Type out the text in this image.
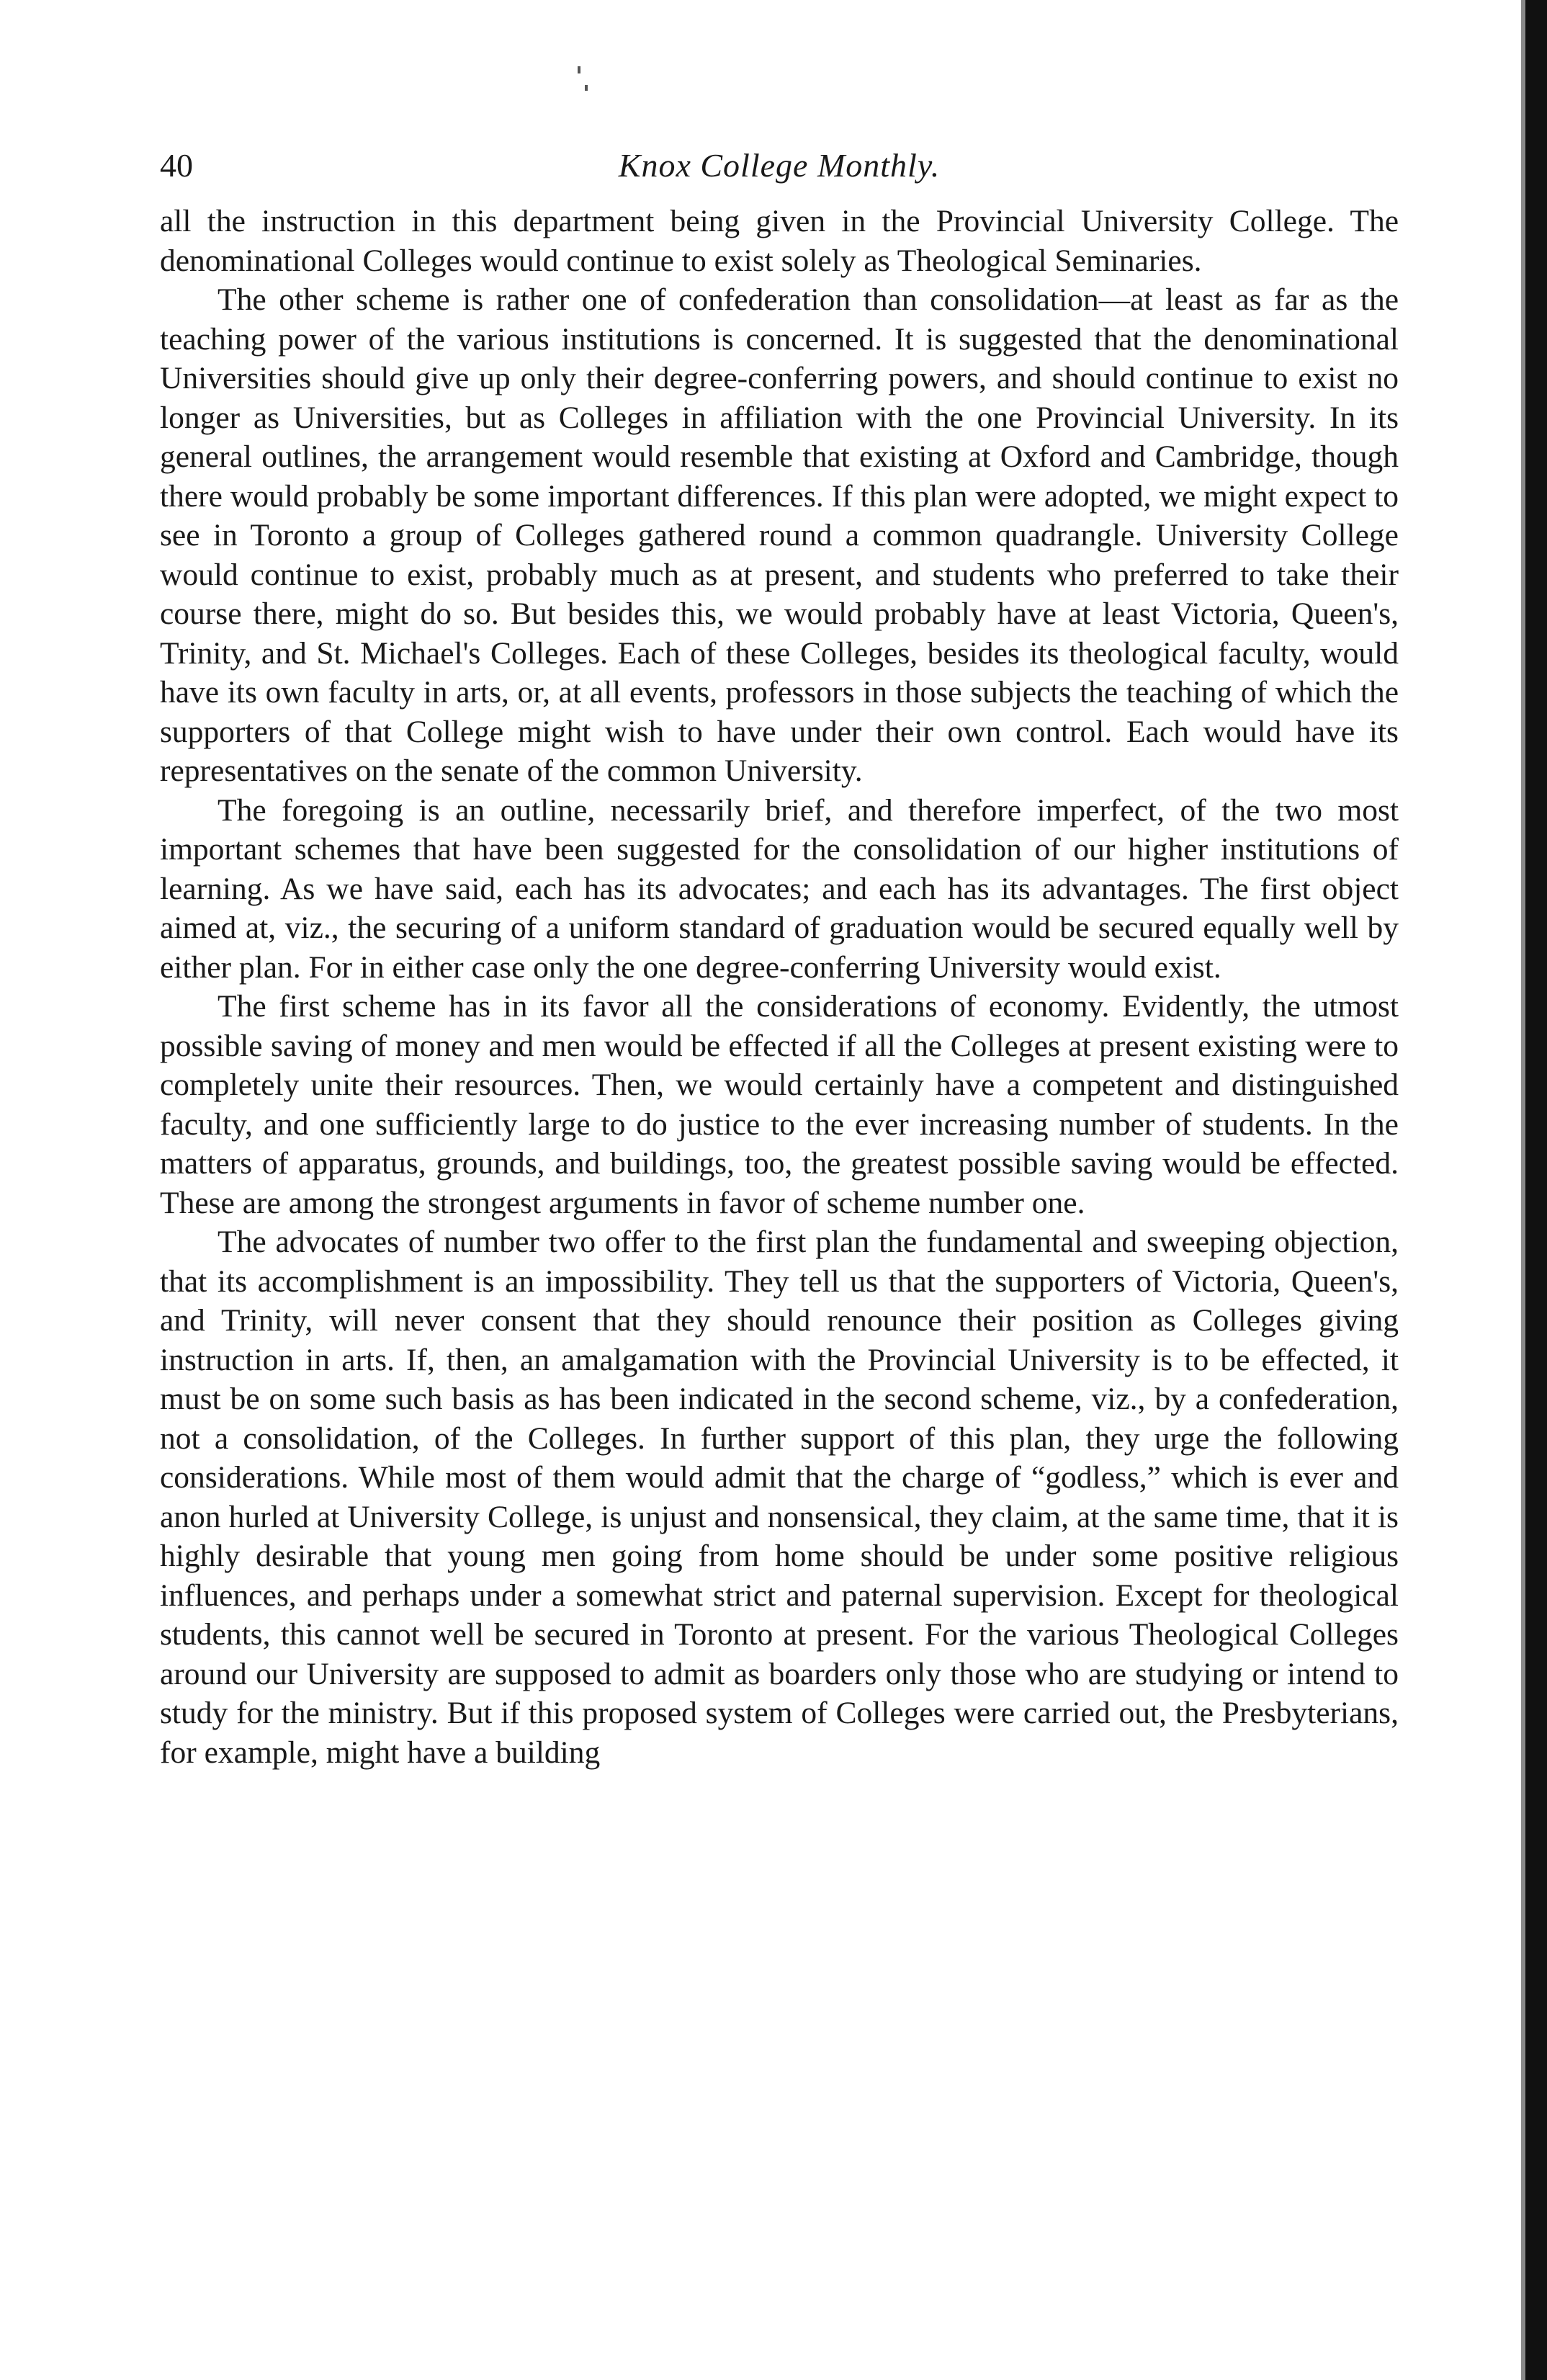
40	Knox College Monthly.

all the instruction in this department being given in the Provincial University College. The denominational Colleges would continue to exist solely as Theological Seminaries.

The other scheme is rather one of confederation than consolidation—at least as far as the teaching power of the various institutions is concerned. It is suggested that the denominational Universities should give up only their degree-conferring powers, and should continue to exist no longer as Universities, but as Colleges in affiliation with the one Provincial University. In its general outlines, the arrangement would resemble that existing at Oxford and Cambridge, though there would probably be some important differences. If this plan were adopted, we might expect to see in Toronto a group of Colleges gathered round a common quadrangle. University College would continue to exist, probably much as at present, and students who preferred to take their course there, might do so. But besides this, we would probably have at least Victoria, Queen's, Trinity, and St. Michael's Colleges. Each of these Colleges, besides its theological faculty, would have its own faculty in arts, or, at all events, professors in those subjects the teaching of which the supporters of that College might wish to have under their own control. Each would have its representatives on the senate of the common University.

The foregoing is an outline, necessarily brief, and therefore imperfect, of the two most important schemes that have been suggested for the consolidation of our higher institutions of learning. As we have said, each has its advocates; and each has its advantages. The first object aimed at, viz., the securing of a uniform standard of graduation would be secured equally well by either plan. For in either case only the one degree-conferring University would exist.

The first scheme has in its favor all the considerations of economy. Evidently, the utmost possible saving of money and men would be effected if all the Colleges at present existing were to completely unite their resources. Then, we would certainly have a competent and distinguished faculty, and one sufficiently large to do justice to the ever increasing number of students. In the matters of apparatus, grounds, and buildings, too, the greatest possible saving would be effected. These are among the strongest arguments in favor of scheme number one.

The advocates of number two offer to the first plan the fundamental and sweeping objection, that its accomplishment is an impossibility. They tell us that the supporters of Victoria, Queen's, and Trinity, will never consent that they should renounce their position as Colleges giving instruction in arts. If, then, an amalgamation with the Provincial University is to be effected, it must be on some such basis as has been indicated in the second scheme, viz., by a confederation, not a consolidation, of the Colleges. In further support of this plan, they urge the following considerations. While most of them would admit that the charge of “godless,” which is ever and anon hurled at University College, is unjust and nonsensical, they claim, at the same time, that it is highly desirable that young men going from home should be under some positive religious influences, and perhaps under a somewhat strict and paternal supervision. Except for theological students, this cannot well be secured in Toronto at present. For the various Theological Colleges around our University are supposed to admit as boarders only those who are studying or intend to study for the ministry. But if this proposed system of Colleges were carried out, the Presbyterians, for example, might have a building
